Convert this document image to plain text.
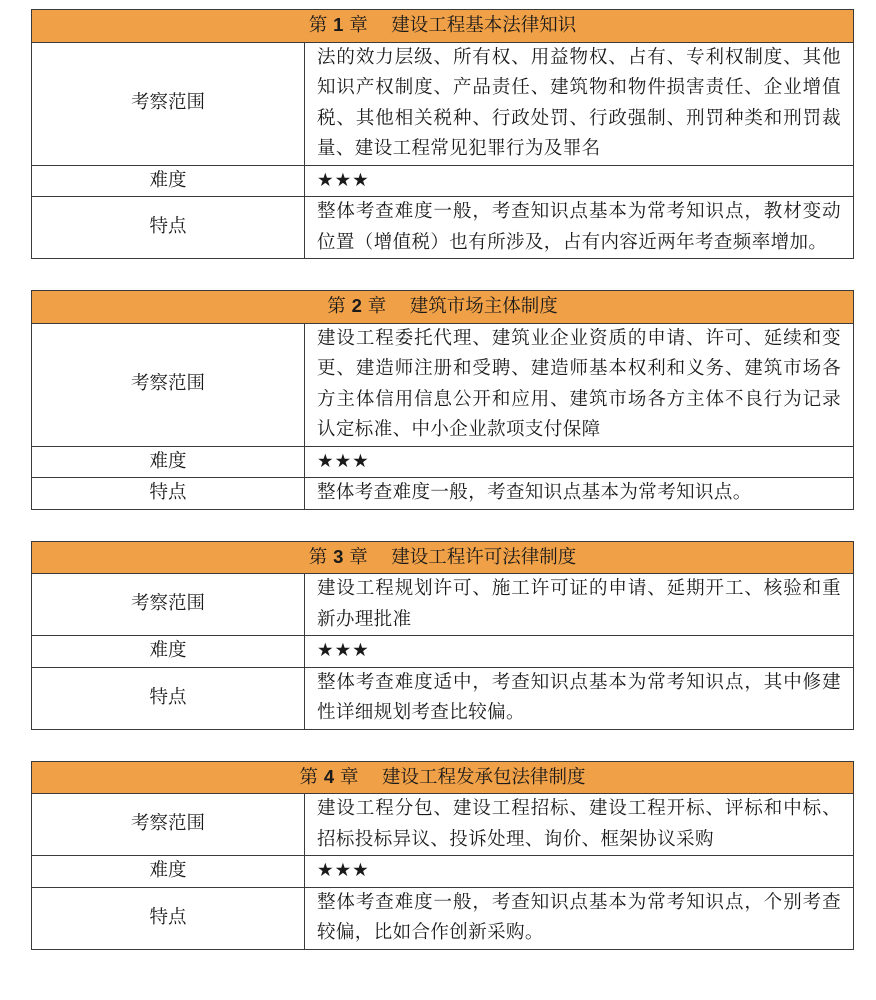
第 1 章 建设工程基本法律知识	
考察范围	法的效力层级、所有权、用益物权、占有、专利权制度、其他知识产权制度、产品责任、建筑物和物件损害责任、企业增值税、其他相关税种、行政处罚、行政强制、刑罚种类和刑罚裁量、建设工程常见犯罪行为及罪名
难度	★★★
特点	整体考查难度一般，考查知识点基本为常考知识点，教材变动位置（增值税）也有所涉及，占有内容近两年考查频率增加。
第 2 章 建筑市场主体制度	
考察范围	建设工程委托代理、建筑业企业资质的申请、许可、延续和变更、建造师注册和受聘、建造师基本权利和义务、建筑市场各方主体信用信息公开和应用、建筑市场各方主体不良行为记录认定标准、中小企业款项支付保障
难度	★★★
特点	整体考查难度一般，考查知识点基本为常考知识点。
第 3 章 建设工程许可法律制度	
考察范围	建设工程规划许可、施工许可证的申请、延期开工、核验和重新办理批准
难度	★★★
特点	整体考查难度适中，考查知识点基本为常考知识点，其中修建性详细规划考查比较偏。
第 4 章 建设工程发承包法律制度	
考察范围	建设工程分包、建设工程招标、建设工程开标、评标和中标、招标投标异议、投诉处理、询价、框架协议采购
难度	★★★
特点	整体考查难度一般，考查知识点基本为常考知识点，个别考查较偏，比如合作创新采购。
